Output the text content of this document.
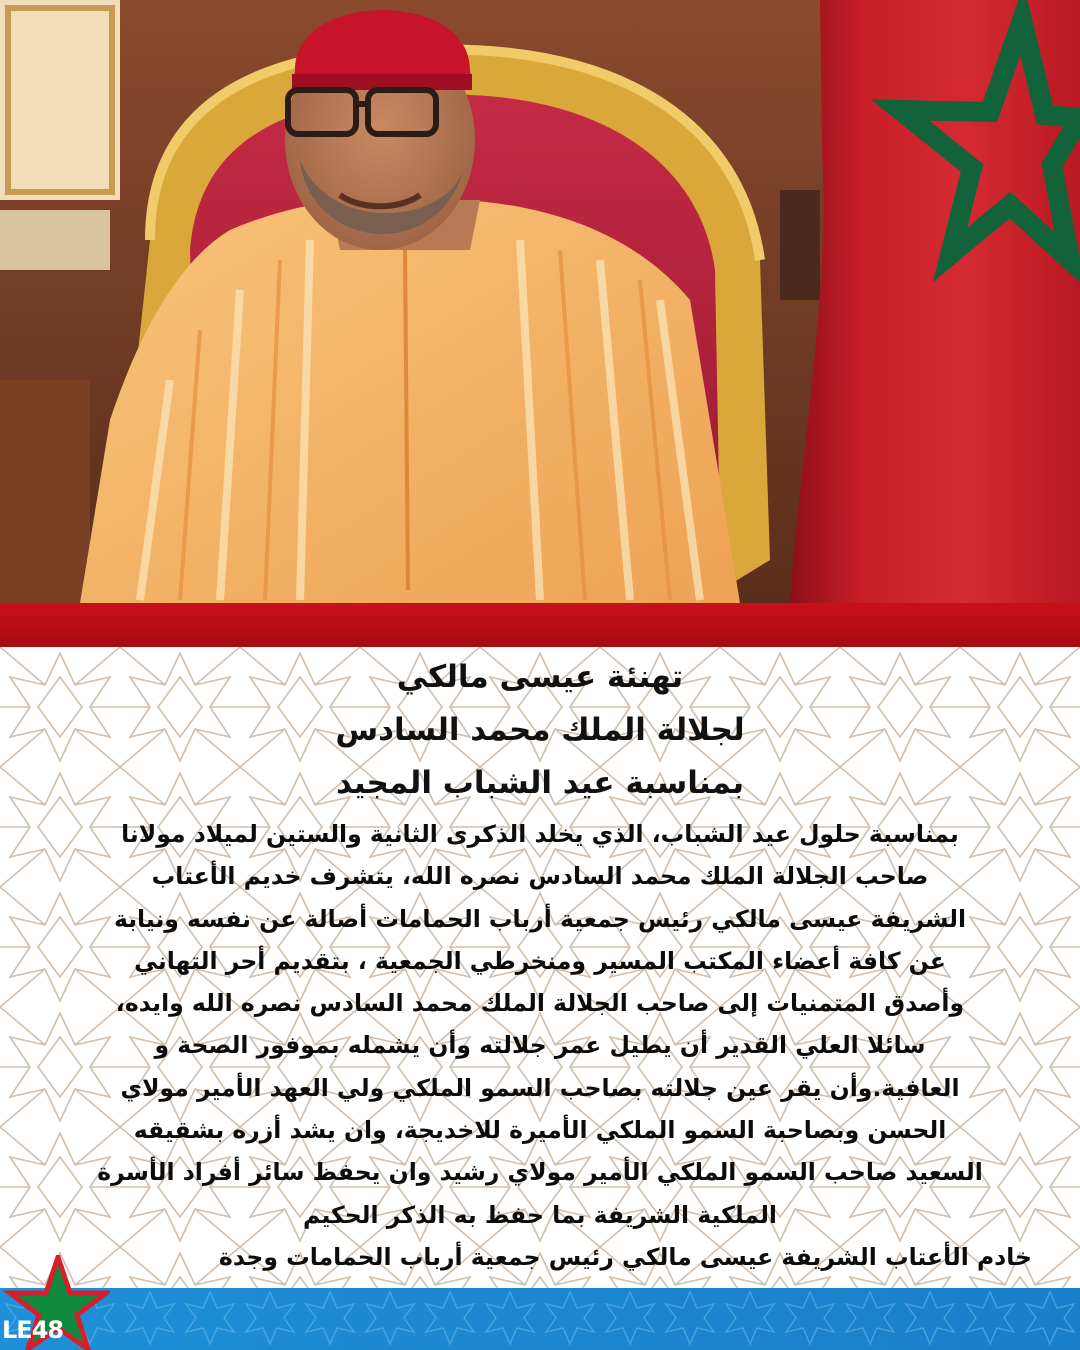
تهنئة عيسى مالكي
لجلالة الملك محمد السادس
بمناسبة عيد الشباب المجيد
بمناسبة حلول عيد الشباب، الذي يخلد الذكرى الثانية والستين لميلاد مولانا
صاحب الجلالة الملك محمد السادس نصره الله، يتشرف خديم الأعتاب
الشريفة عيسى مالكي رئيس جمعية أرباب الحمامات أصالة عن نفسه ونيابة
عن كافة أعضاء المكتب المسير ومنخرطي الجمعية ، بتقديم أحر التهاني
وأصدق المتمنيات إلى صاحب الجلالة الملك محمد السادس نصره الله وايده،
سائلا العلي القدير أن يطيل عمر جلالته وأن يشمله بموفور الصحة و
العافية.وأن يقر عين جلالته بصاحب السمو الملكي ولي العهد الأمير مولاي
الحسن وبصاحبة السمو الملكي الأميرة للاخديجة، وان يشد أزره بشقيقه
السعيد صاحب السمو الملكي الأمير مولاي رشيد وان يحفظ سائر أفراد الأسرة
الملكية الشريفة بما حفظ به الذكر الحكيم
خادم الأعتاب الشريفة عيسى مالكي رئيس جمعية أرباب الحمامات وجدة
LE48
